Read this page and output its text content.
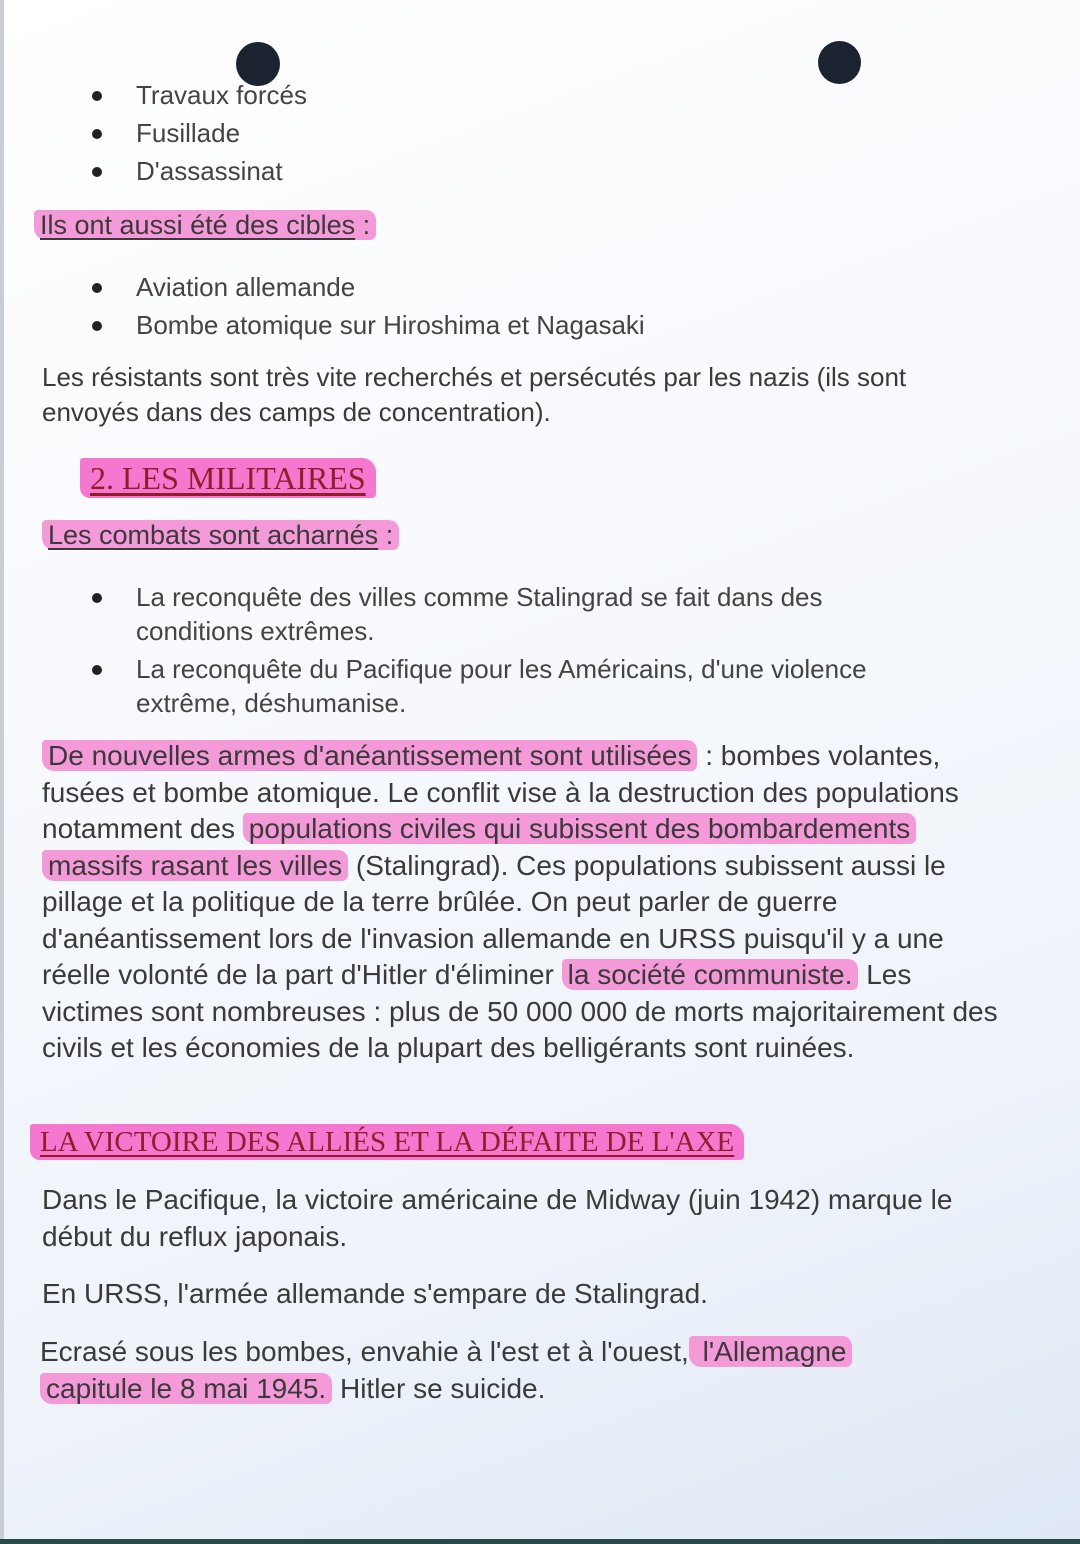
Travaux forcés
Fusillade
D'assassinat
Ils ont aussi été des cibles :
Aviation allemande
Bombe atomique sur Hiroshima et Nagasaki

Les résistants sont très vite recherchés et persécutés par les nazis (ils sont envoyés dans des camps de concentration).

2. LES MILITAIRES
Les combats sont acharnés :
La reconquête des villes comme Stalingrad se fait dans des conditions extrêmes.
La reconquête du Pacifique pour les Américains, d'une violence extrême, déshumanise.

De nouvelles armes d'anéantissement sont utilisées : bombes volantes, fusées et bombe atomique. Le conflit vise à la destruction des populations notamment des populations civiles qui subissent des bombardements massifs rasant les villes (Stalingrad). Ces populations subissent aussi le pillage et la politique de la terre brûlée. On peut parler de guerre d'anéantissement lors de l'invasion allemande en URSS puisqu'il y a une réelle volonté de la part d'Hitler d'éliminer la société communiste. Les victimes sont nombreuses : plus de 50 000 000 de morts majoritairement des civils et les économies de la plupart des belligérants sont ruinées.

LA VICTOIRE DES ALLIÉS ET LA DÉFAITE DE L'AXE

Dans le Pacifique, la victoire américaine de Midway (juin 1942) marque le début du reflux japonais.

En URSS, l'armée allemande s'empare de Stalingrad.

Ecrasé sous les bombes, envahie à l'est et à l'ouest, l'Allemagne capitule le 8 mai 1945. Hitler se suicide.
